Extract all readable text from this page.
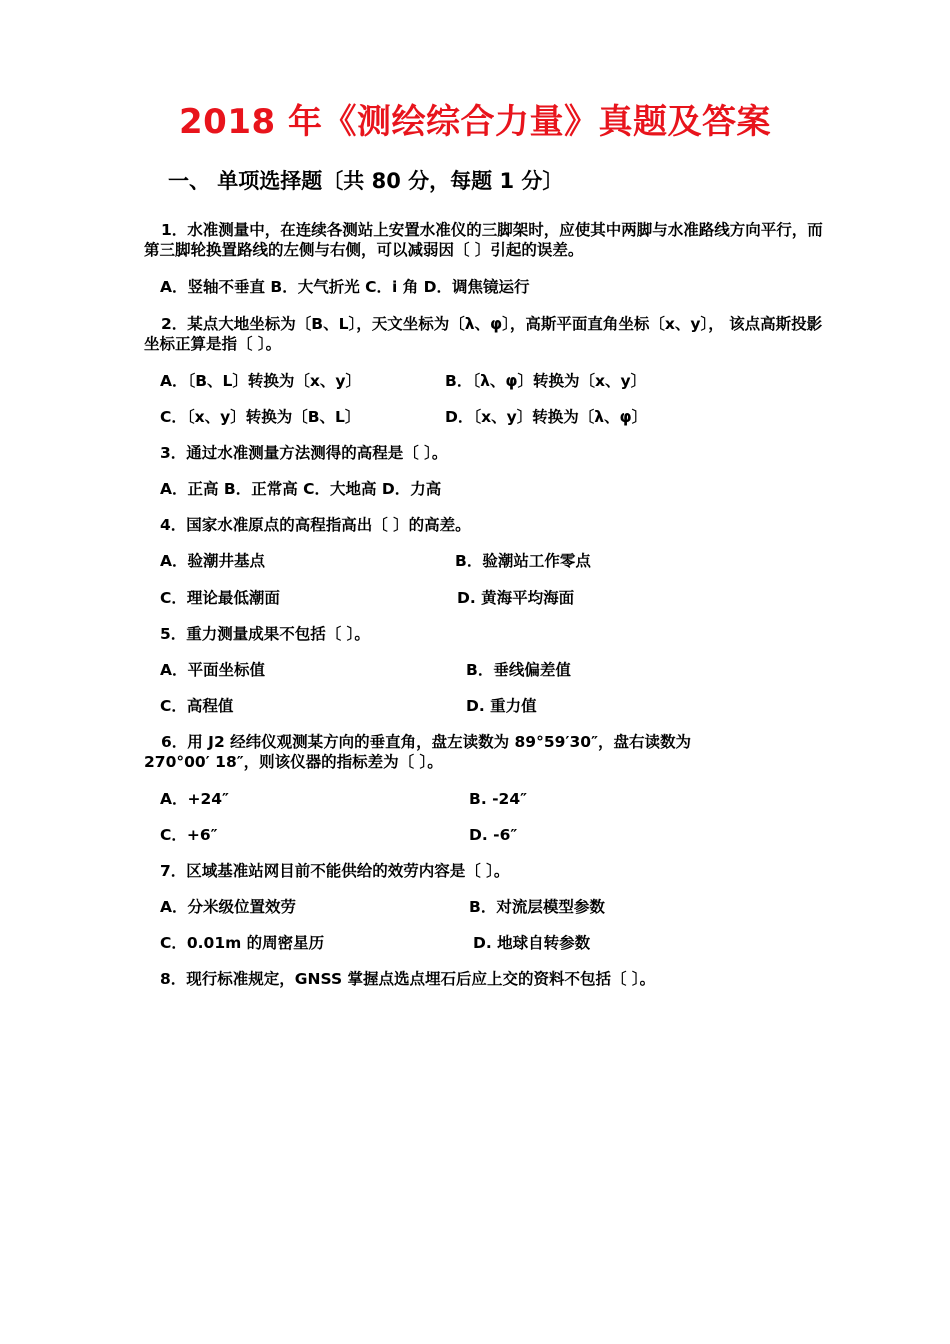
2018 年《测绘综合力量》真题及答案
一、 单项选择题〔共 80 分，每题 1 分〕
1．水准测量中，在连续各测站上安置水准仪的三脚架时，应使其中两脚与水准路线方向平行，而第三脚轮换置路线的左侧与右侧，可以减弱因〔 〕引起的误差。
A．竖轴不垂直 B．大气折光 C．i 角 D．调焦镜运行
2．某点大地坐标为〔B、L〕，天文坐标为〔λ、φ〕，高斯平面直角坐标〔x、y〕， 该点高斯投影坐标正算是指〔 〕。
A．〔B、L〕转换为〔x、y〕	B．〔λ、φ〕转换为〔x、y〕
C．〔x、y〕转换为〔B、L〕	D．〔x、y〕转换为〔λ、φ〕
3．通过水准测量方法测得的高程是〔 〕。
A．正高 B．正常高 C．大地高 D．力高
4．国家水准原点的高程指高出〔 〕的高差。
A．验潮井基点	B．验潮站工作零点
C．理论最低潮面	D. 黄海平均海面
5．重力测量成果不包括〔 〕。
A．平面坐标值	B．垂线偏差值
C．高程值	D. 重力值
6．用 J2 经纬仪观测某方向的垂直角，盘左读数为 89°59′30″，盘右读数为 270°00′ 18″，则该仪器的指标差为〔 〕。
A．+24″	B. -24″
C．+6″	D. -6″
7．区域基准站网目前不能供给的效劳内容是〔 〕。
A．分米级位置效劳	B．对流层模型参数
C．0.01m 的周密星历	D. 地球自转参数
8．现行标准规定，GNSS 掌握点选点埋石后应上交的资料不包括〔 〕。
